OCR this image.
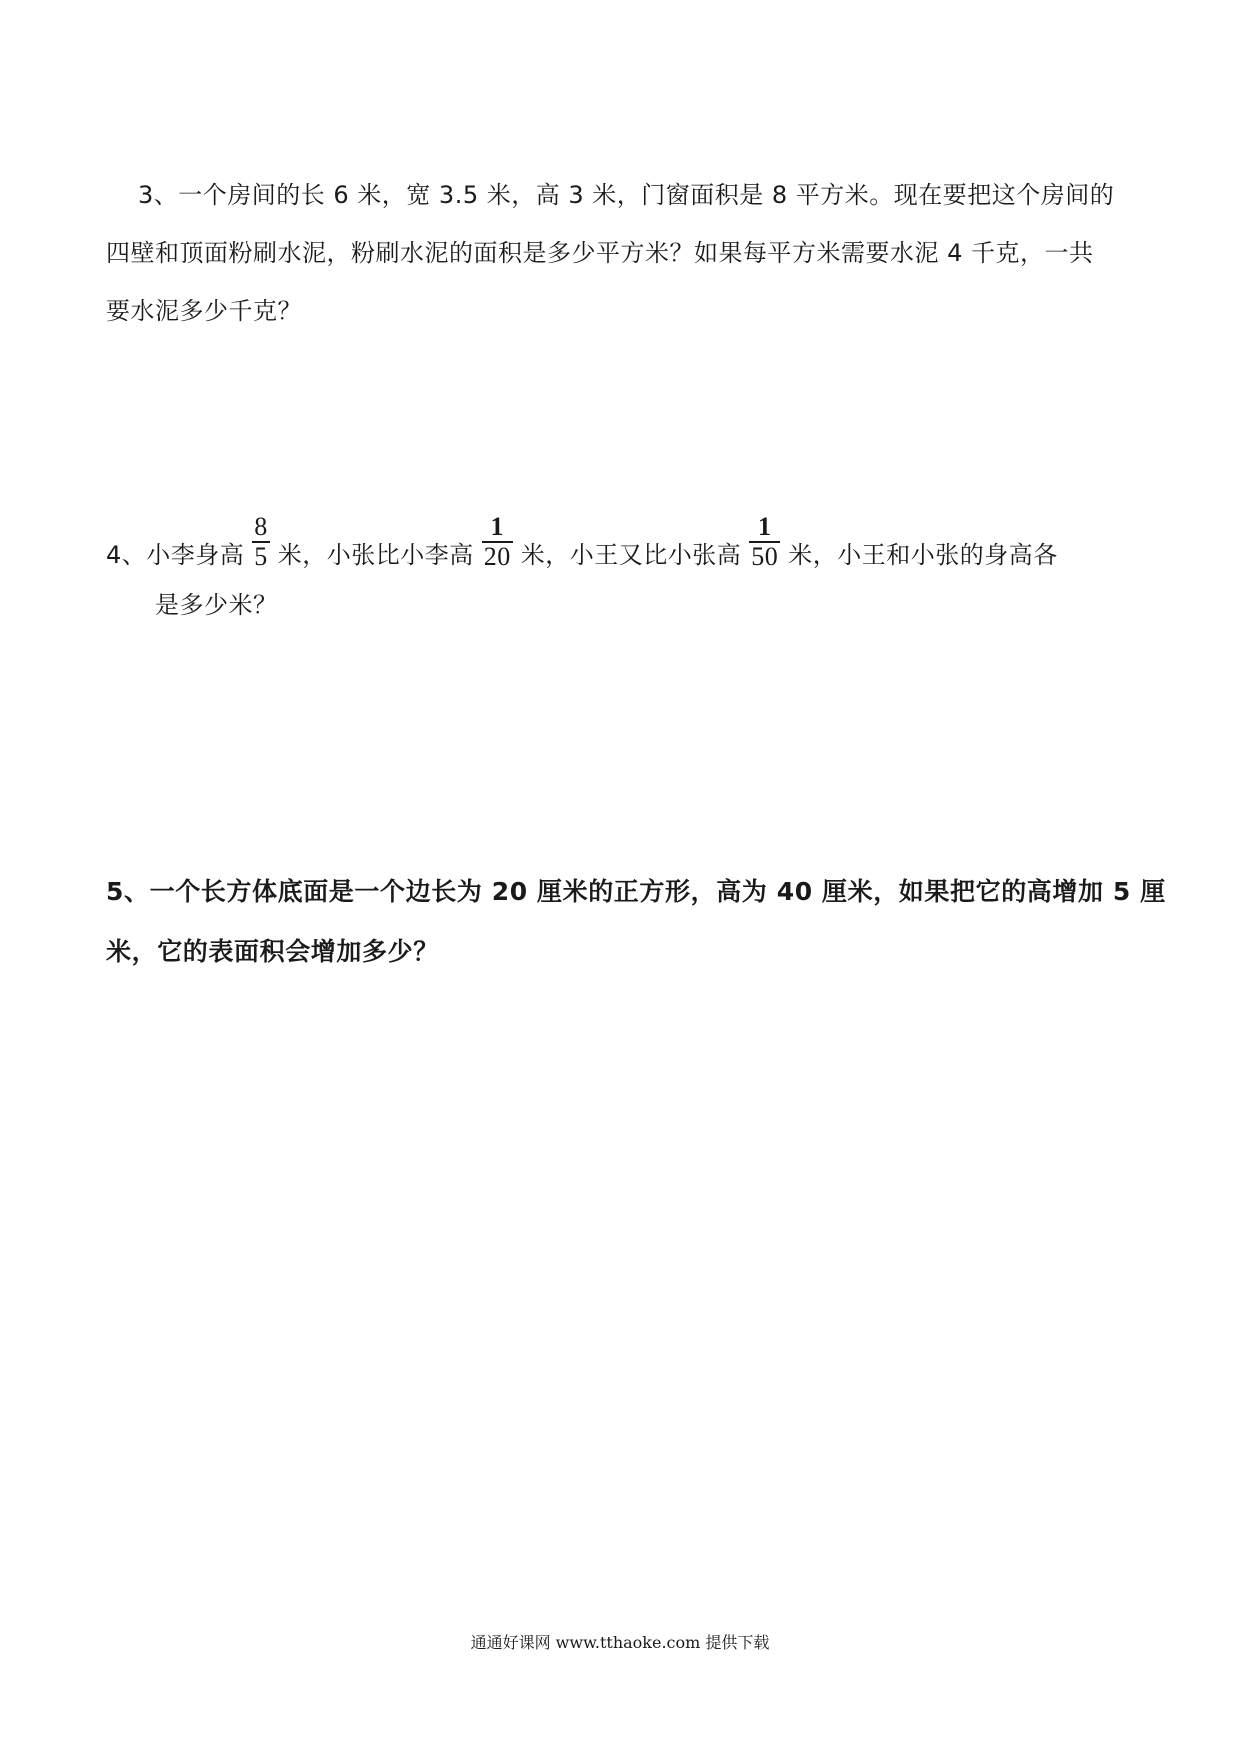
3、一个房间的长 6 米，宽 3.5 米，高 3 米，门窗面积是 8 平方米。现在要把这个房间的
四壁和顶面粉刷水泥，粉刷水泥的面积是多少平方米？如果每平方米需要水泥 4 千克，一共
要水泥多少千克？
4、小李身高 $\frac{8}{5}$ 米，小张比小李高 $\frac{1}{20}$ 米，小王又比小张高 $\frac{1}{50}$ 米，小王和小张的身高各
是多少米？
5、一个长方体底面是一个边长为 20 厘米的正方形，高为 40 厘米，如果把它的高增加 5 厘
米，它的表面积会增加多少？
通通好课网 www.tthaoke.com 提供下载
